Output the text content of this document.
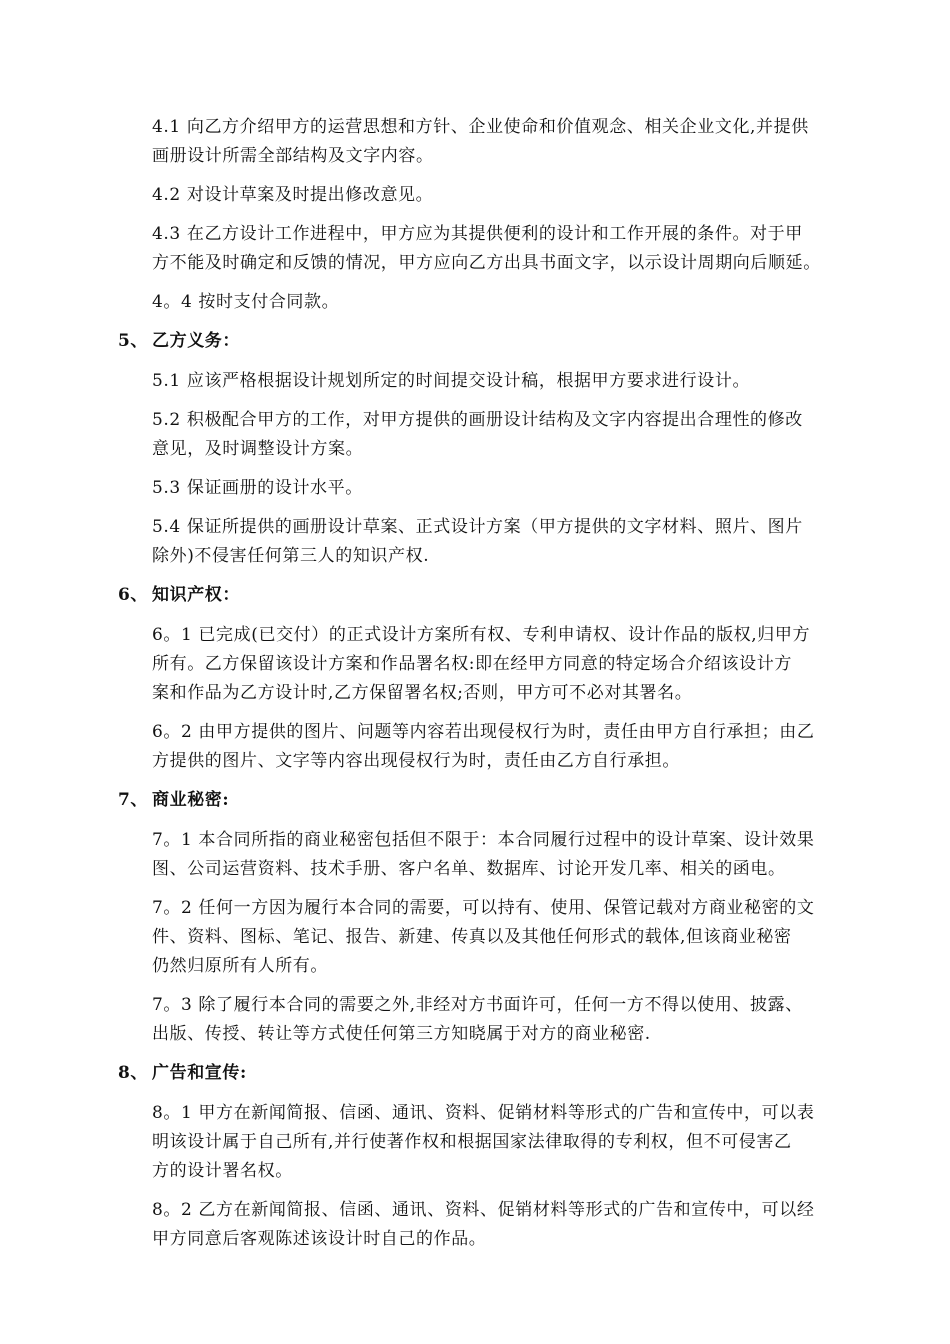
4.1 向乙方介绍甲方的运营思想和方针、企业使命和价值观念、相关企业文化,并提供
画册设计所需全部结构及文字内容。

4.2 对设计草案及时提出修改意见。

4.3 在乙方设计工作进程中，甲方应为其提供便利的设计和工作开展的条件。对于甲
方不能及时确定和反馈的情况，甲方应向乙方出具书面文字，以示设计周期向后顺延。

4。4 按时支付合同款。

5、 乙方义务：

5.1 应该严格根据设计规划所定的时间提交设计稿，根据甲方要求进行设计。

5.2 积极配合甲方的工作，对甲方提供的画册设计结构及文字内容提出合理性的修改
意见，及时调整设计方案。

5.3 保证画册的设计水平。

5.4 保证所提供的画册设计草案、正式设计方案（甲方提供的文字材料、照片、图片
除外)不侵害任何第三人的知识产权.

6、 知识产权：

6。1 已完成(已交付）的正式设计方案所有权、专利申请权、设计作品的版权,归甲方
所有。乙方保留该设计方案和作品署名权:即在经甲方同意的特定场合介绍该设计方
案和作品为乙方设计时,乙方保留署名权;否则，甲方可不必对其署名。

6。2 由甲方提供的图片、问题等内容若出现侵权行为时，责任由甲方自行承担；由乙
方提供的图片、文字等内容出现侵权行为时，责任由乙方自行承担。

7、 商业秘密:

7。1 本合同所指的商业秘密包括但不限于：本合同履行过程中的设计草案、设计效果
图、公司运营资料、技术手册、客户名单、数据库、讨论开发几率、相关的函电。

7。2 任何一方因为履行本合同的需要，可以持有、使用、保管记载对方商业秘密的文
件、资料、图标、笔记、报告、新建、传真以及其他任何形式的载体,但该商业秘密
仍然归原所有人所有。

7。3 除了履行本合同的需要之外,非经对方书面许可，任何一方不得以使用、披露、
出版、传授、转让等方式使任何第三方知晓属于对方的商业秘密.

8、 广告和宣传:

8。1 甲方在新闻简报、信函、通讯、资料、促销材料等形式的广告和宣传中，可以表
明该设计属于自己所有,并行使著作权和根据国家法律取得的专利权，但不可侵害乙
方的设计署名权。

8。2 乙方在新闻简报、信函、通讯、资料、促销材料等形式的广告和宣传中，可以经
甲方同意后客观陈述该设计时自己的作品。
